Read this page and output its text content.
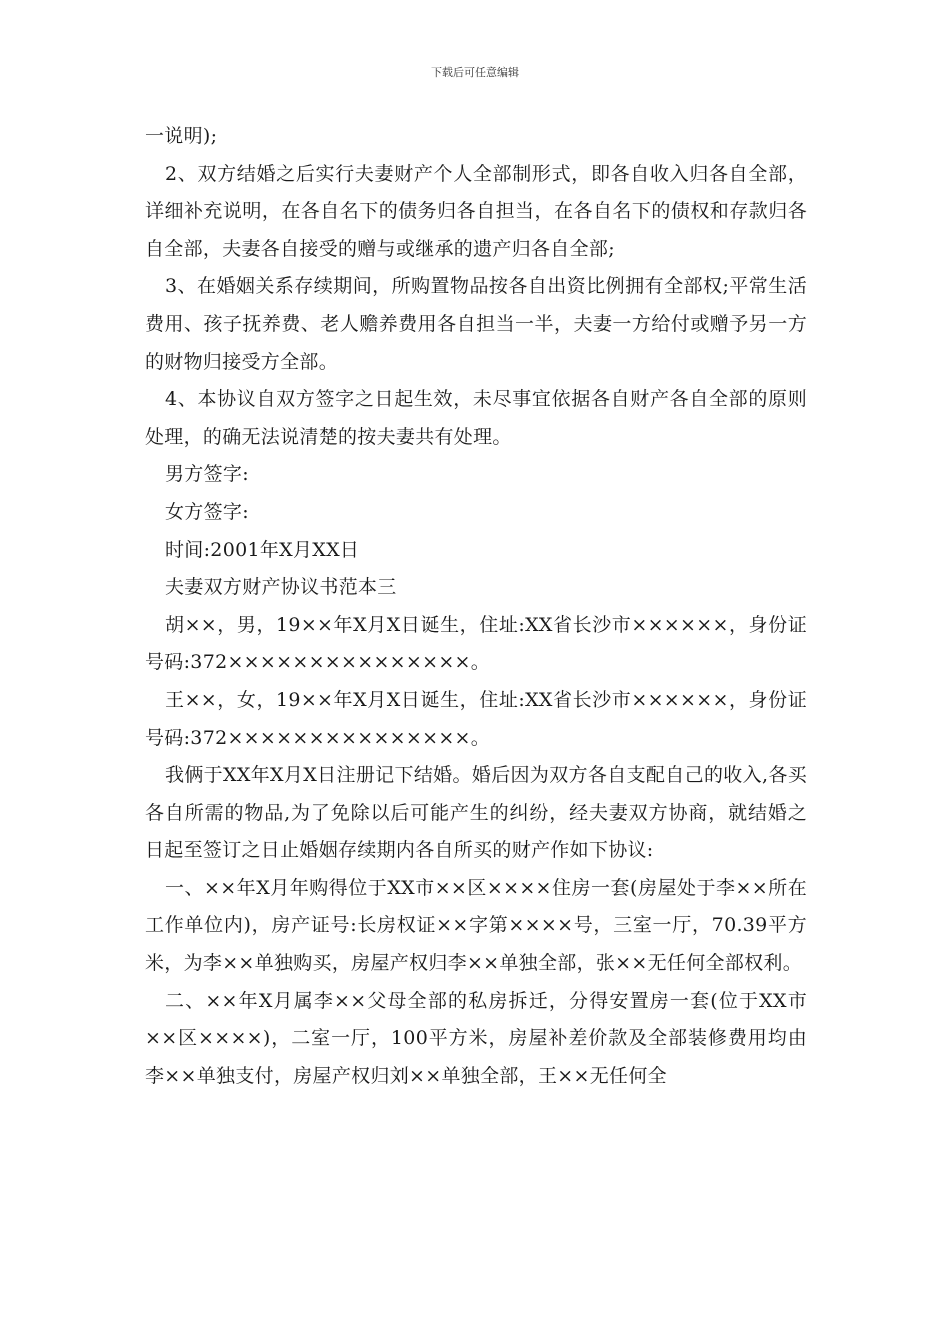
下载后可任意编辑

一说明);

2、双方结婚之后实行夫妻财产个人全部制形式，即各自收入归各自全部，详细补充说明，在各自名下的债务归各自担当，在各自名下的债权和存款归各自全部，夫妻各自接受的赠与或继承的遗产归各自全部;

3、在婚姻关系存续期间，所购置物品按各自出资比例拥有全部权;平常生活费用、孩子抚养费、老人赡养费用各自担当一半，夫妻一方给付或赠予另一方的财物归接受方全部。

4、本协议自双方签字之日起生效，未尽事宜依据各自财产各自全部的原则处理，的确无法说清楚的按夫妻共有处理。

男方签字:

女方签字:

时间:2001年X月XX日

夫妻双方财产协议书范本三

胡××，男，19××年X月X日诞生，住址:XX省长沙市××××××，身份证号码:372×××××××××××××××。

王××，女，19××年X月X日诞生，住址:XX省长沙市××××××，身份证号码:372×××××××××××××××。

我俩于XX年X月X日注册记下结婚。婚后因为双方各自支配自己的收入,各买各自所需的物品,为了免除以后可能产生的纠纷，经夫妻双方协商，就结婚之日起至签订之日止婚姻存续期内各自所买的财产作如下协议:

一、××年X月年购得位于XX市××区××××住房一套(房屋处于李××所在工作单位内)，房产证号:长房权证××字第××××号，三室一厅，70.39平方米，为李××单独购买，房屋产权归李××单独全部，张××无任何全部权利。

二、××年X月属李××父母全部的私房拆迁，分得安置房一套(位于XX市××区××××)，二室一厅，100平方米，房屋补差价款及全部装修费用均由李××单独支付，房屋产权归刘××单独全部，王××无任何全
